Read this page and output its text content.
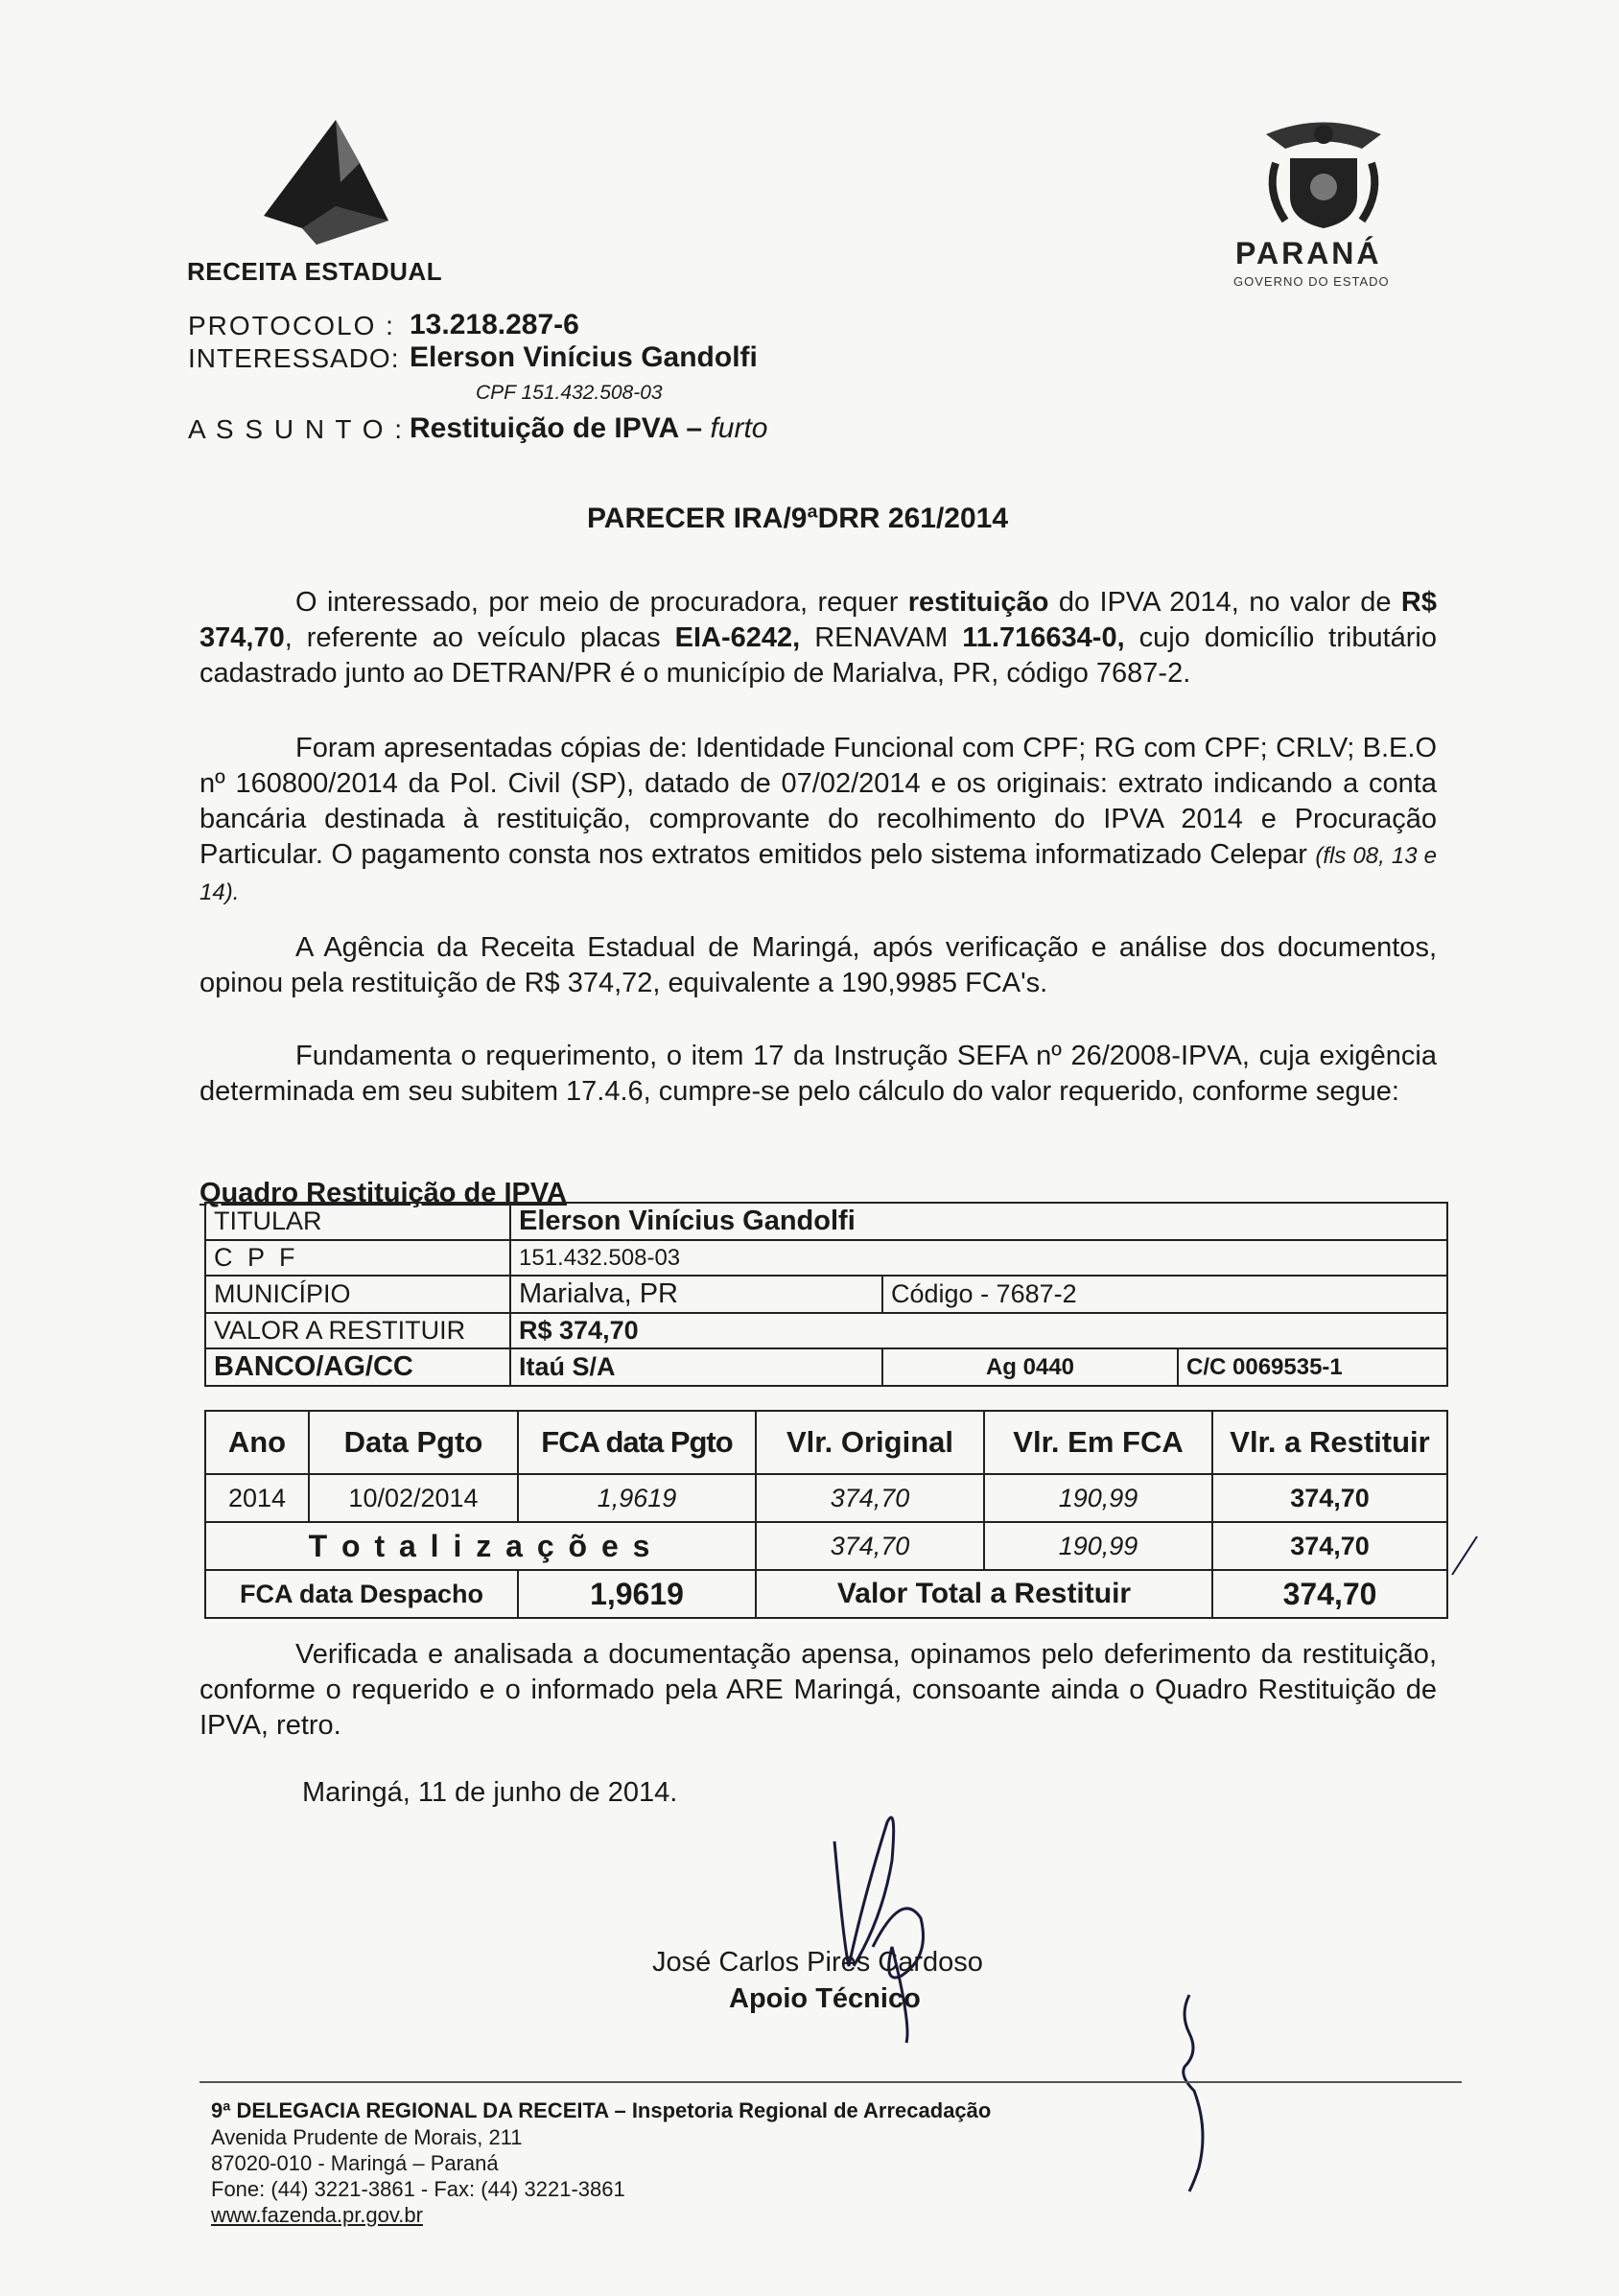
RECEITA ESTADUAL
PARANÁ
GOVERNO DO ESTADO
PROTOCOLO : 13.218.287-6
INTERESSADO: Elerson Vinícius Gandolfi
CPF 151.432.508-03
A S S U N T O : Restituição de IPVA – furto
PARECER IRA/9ªDRR 261/2014

O interessado, por meio de procuradora, requer restituição do IPVA 2014, no valor de R$ 374,70, referente ao veículo placas EIA-6242, RENAVAM 11.716634-0, cujo domicílio tributário cadastrado junto ao DETRAN/PR é o município de Marialva, PR, código 7687-2.

Foram apresentadas cópias de: Identidade Funcional com CPF; RG com CPF; CRLV; B.E.O nº 160800/2014 da Pol. Civil (SP), datado de 07/02/2014 e os originais: extrato indicando a conta bancária destinada à restituição, comprovante do recolhimento do IPVA 2014 e Procuração Particular. O pagamento consta nos extratos emitidos pelo sistema informatizado Celepar (fls 08, 13 e 14).

A Agência da Receita Estadual de Maringá, após verificação e análise dos documentos, opinou pela restituição de R$ 374,72, equivalente a 190,9985 FCA's.

Fundamenta o requerimento, o item 17 da Instrução SEFA nº 26/2008-IPVA, cuja exigência determinada em seu subitem 17.4.6, cumpre-se pelo cálculo do valor requerido, conforme segue:

Quadro Restituição de IPVA
TITULAR	Elerson Vinícius Gandolfi		
C P F	151.432.508-03		
MUNICÍPIO	Marialva, PR	Código - 7687-2	
VALOR A RESTITUIR	R$ 374,70		
BANCO/AG/CC	Itaú S/A	Ag 0440	C/C 0069535-1
Ano	Data Pgto	FCA data Pgto	Vlr. Original	Vlr. Em FCA	Vlr. a Restituir
2014	10/02/2014	1,9619	374,70	190,99	374,70
T o t a l i z a ç õ e s			374,70	190,99	374,70
FCA data Despacho		1,9619	Valor Total a Restituir		374,70

Verificada e analisada a documentação apensa, opinamos pelo deferimento da restituição, conforme o requerido e o informado pela ARE Maringá, consoante ainda o Quadro Restituição de IPVA, retro.

Maringá, 11 de junho de 2014.
José Carlos Pires Cardoso
Apoio Técnico
9ª DELEGACIA REGIONAL DA RECEITA – Inspetoria Regional de Arrecadação
Avenida Prudente de Morais, 211
87020-010 - Maringá – Paraná
Fone: (44) 3221-3861 - Fax: (44) 3221-3861
www.fazenda.pr.gov.br
